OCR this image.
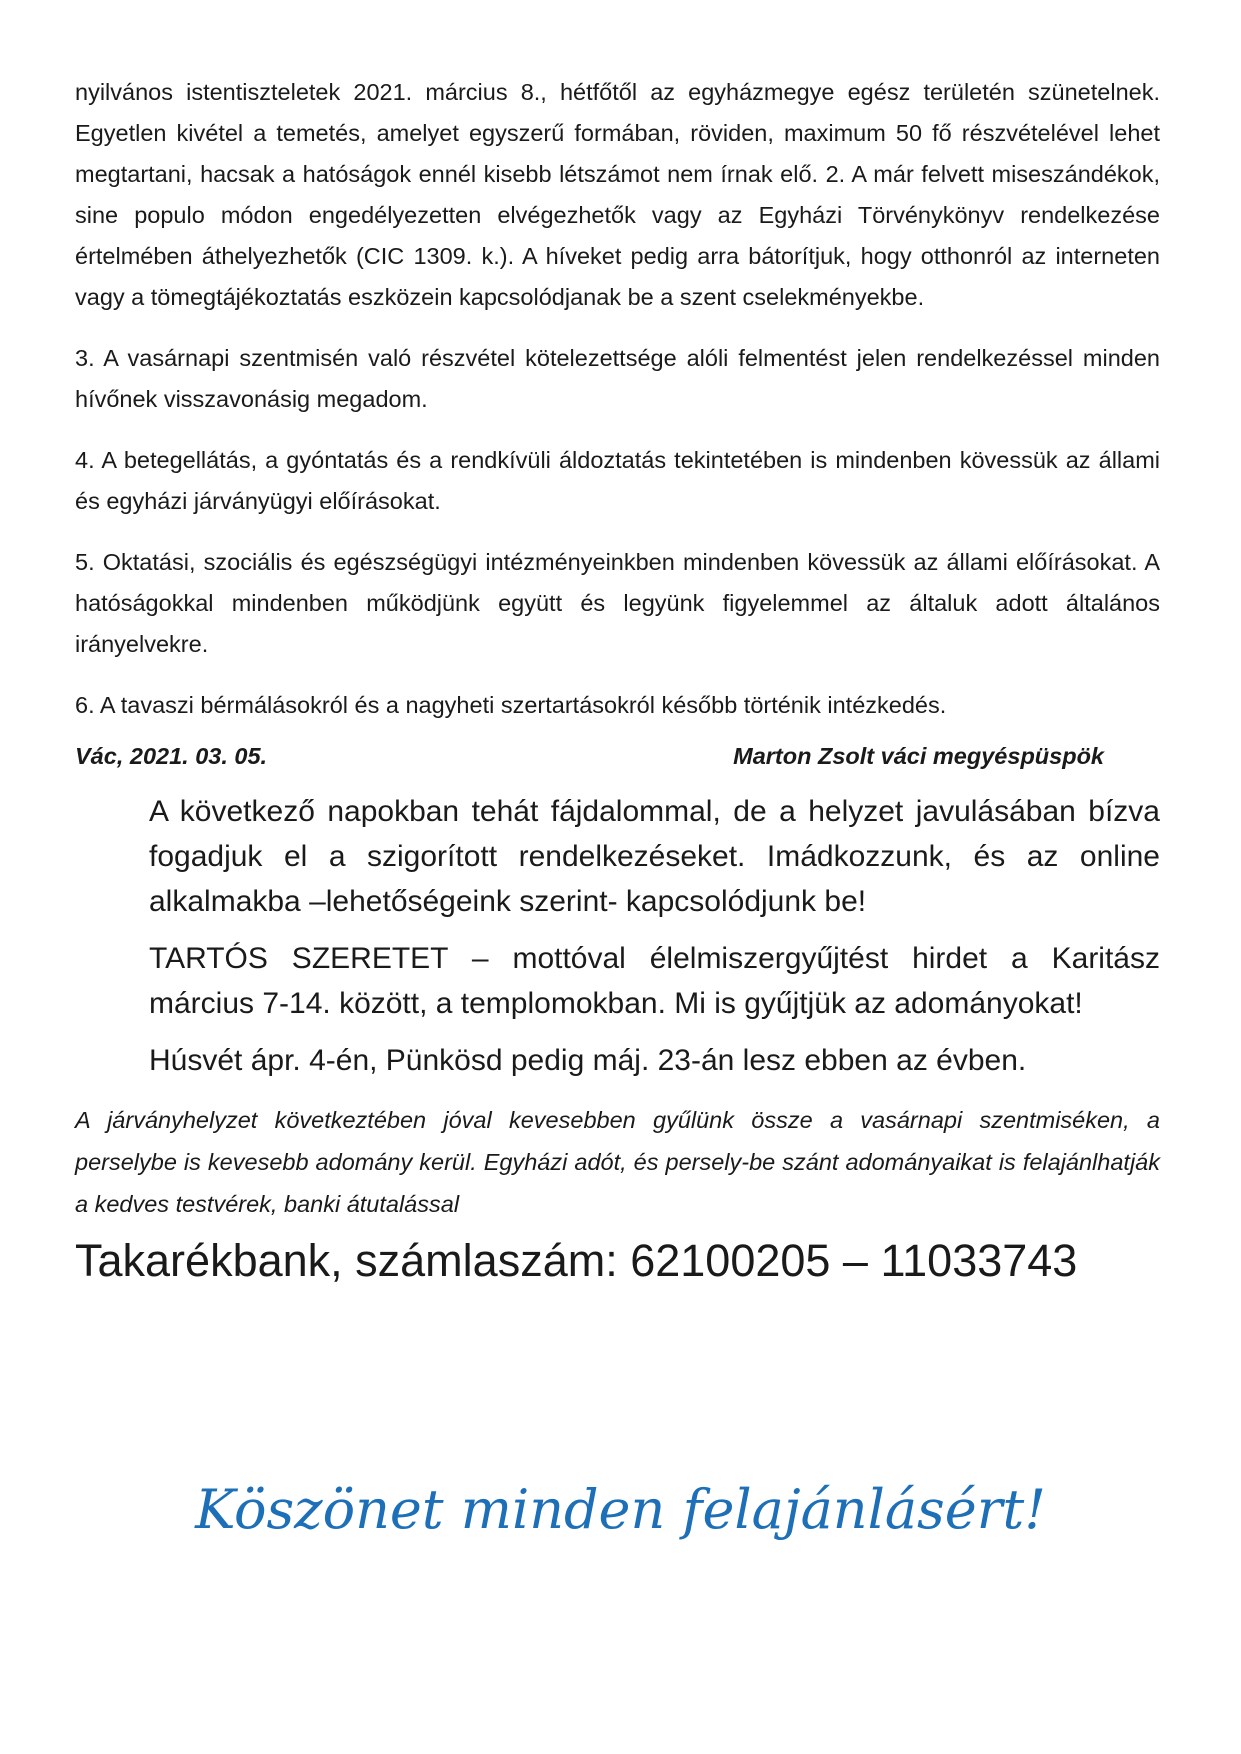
nyilvános istentiszteletek 2021. március 8., hétfőtől az egyházmegye egész területén szünetelnek. Egyetlen kivétel a temetés, amelyet egyszerű formában, röviden, maximum 50 fő részvételével lehet megtartani, hacsak a hatóságok ennél kisebb létszámot nem írnak elő. 2. A már felvett miseszándékok, sine populo módon engedélyezetten elvégezhetők vagy az Egyházi Törvénykönyv rendelkezése értelmében áthelyezhetők (CIC 1309. k.). A híveket pedig arra bátorítjuk, hogy otthonról az interneten vagy a tömegtájékoztatás eszközein kapcsolódjanak be a szent cselekményekbe.

3. A vasárnapi szentmisén való részvétel kötelezettsége alóli felmentést jelen rendelkezéssel minden hívőnek visszavonásig megadom.

4. A betegellátás, a gyóntatás és a rendkívüli áldoztatás tekintetében is mindenben kövessük az állami és egyházi járványügyi előírásokat.

5. Oktatási, szociális és egészségügyi intézményeinkben mindenben kövessük az állami előírásokat. A hatóságokkal mindenben működjünk együtt és legyünk figyelemmel az általuk adott általános irányelvekre.

6. A tavaszi bérmálásokról és a nagyheti szertartásokról később történik intézkedés.

Vác, 2021. 03. 05.	Marton Zsolt váci megyéspüspök

A következő napokban tehát fájdalommal, de a helyzet javulásában bízva fogadjuk el a szigorított rendelkezéseket. Imádkozzunk, és az online alkalmakba –lehetőségeink szerint- kapcsolódjunk be!

TARTÓS SZERETET – mottóval élelmiszergyűjtést hirdet a Karitász március 7-14. között, a templomokban. Mi is gyűjtjük az adományokat!

Húsvét ápr. 4-én, Pünkösd pedig máj. 23-án lesz ebben az évben.

A járványhelyzet következtében jóval kevesebben gyűlünk össze a vasárnapi szentmiséken, a perselybe is kevesebb adomány kerül. Egyházi adót, és persely-be szánt adományaikat is felajánlhatják a kedves testvérek, banki átutalással

Takarékbank, számlaszám: 62100205 – 11033743

Köszönet minden felajánlásért!
